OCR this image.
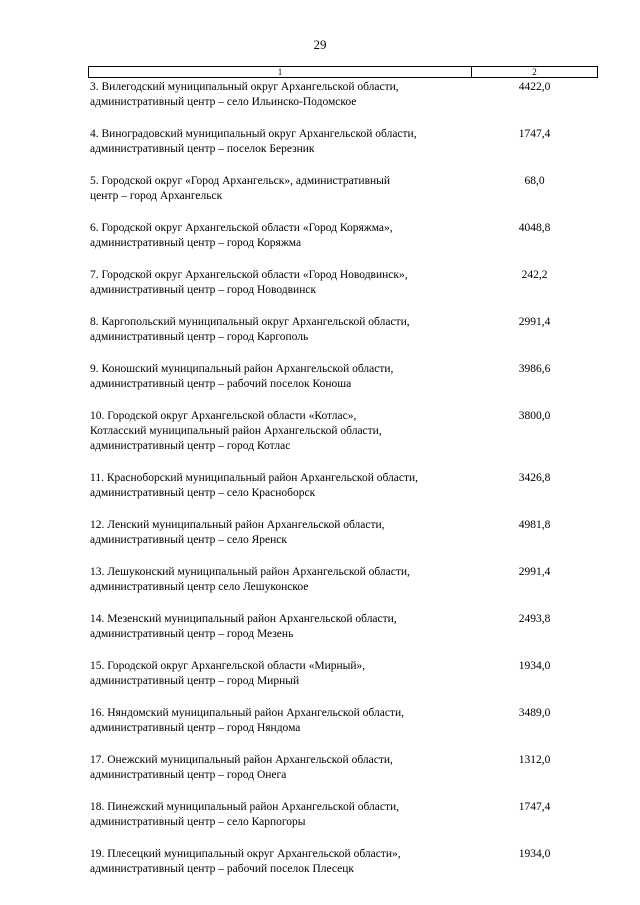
29
1	2
3. Вилегодский муниципальный округ Архангельской области,
административный центр – село Ильинско-Подомское
4422,0
4. Виноградовский муниципальный округ Архангельской области,
административный центр – поселок Березник
1747,4
5. Городской округ «Город Архангельск», административный
центр – город Архангельск
68,0
6. Городской округ Архангельской области «Город Коряжма»,
административный центр – город Коряжма
4048,8
7. Городской округ Архангельской области «Город Новодвинск»,
административный центр – город Новодвинск
242,2
8. Каргопольский муниципальный округ Архангельской области,
административный центр – город Каргополь
2991,4
9. Коношский муниципальный район Архангельской области,
административный центр – рабочий поселок Коноша
3986,6
10. Городской округ Архангельской области «Котлас»,
Котласский муниципальный район Архангельской области,
административный центр – город Котлас
3800,0
11. Красноборский муниципальный район Архангельской области,
административный центр – село Красноборск
3426,8
12. Ленский муниципальный район Архангельской области,
административный центр – село Яренск
4981,8
13. Лешуконский муниципальный район Архангельской области,
административный центр село Лешуконское
2991,4
14. Мезенский муниципальный район Архангельской области,
административный центр – город Мезень
2493,8
15. Городской округ Архангельской области «Мирный»,
административный центр – город Мирный
1934,0
16. Няндомский муниципальный район Архангельской области,
административный центр – город Няндома
3489,0
17. Онежский муниципальный район Архангельской области,
административный центр – город Онега
1312,0
18. Пинежский муниципальный район Архангельской области,
административный центр – село Карпогоры
1747,4
19. Плесецкий муниципальный округ Архангельской области»,
административный центр – рабочий поселок Плесецк
1934,0
